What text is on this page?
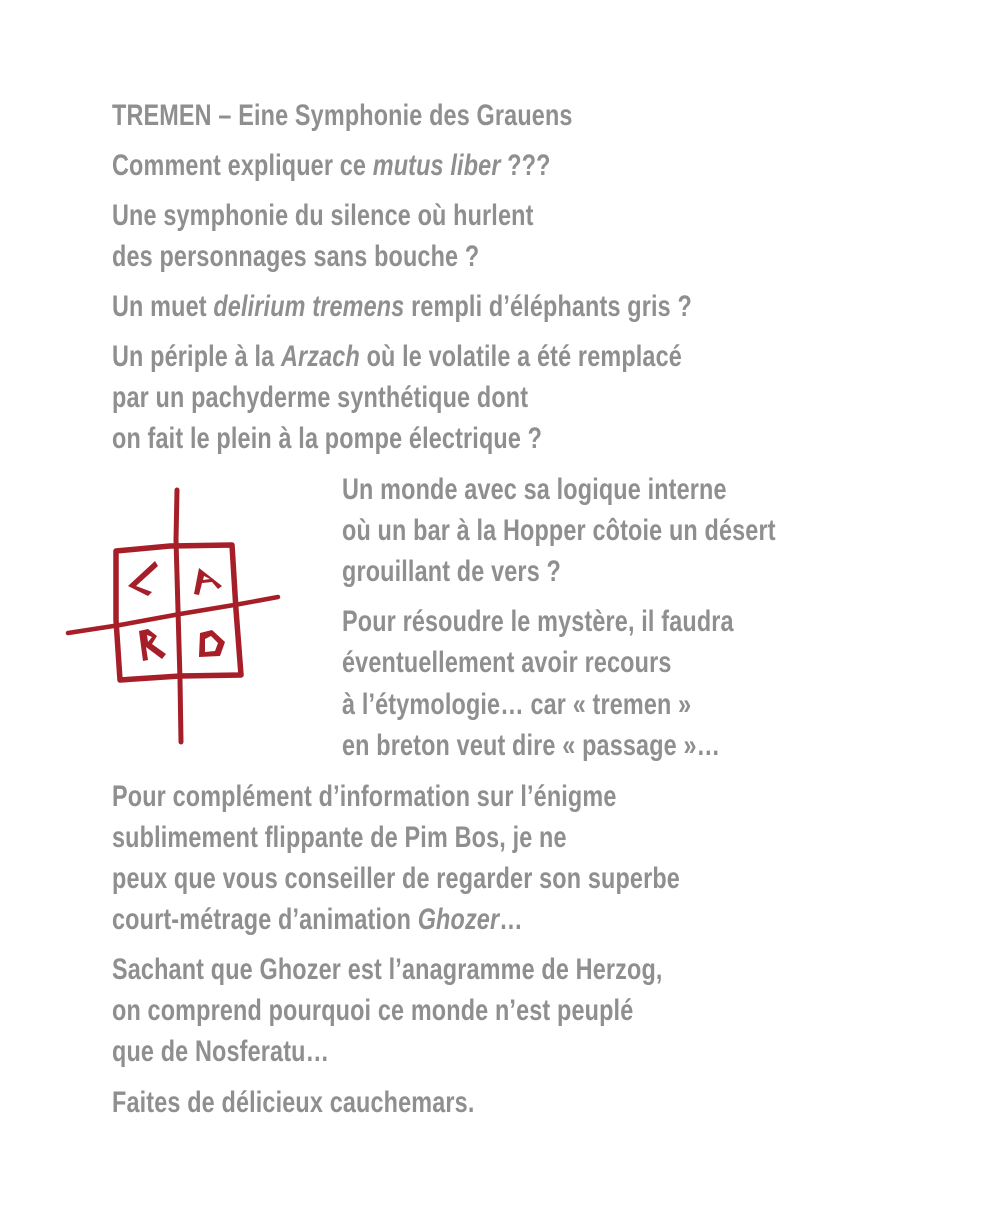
TREMEN – Eine Symphonie des Grauens
Comment expliquer ce mutus liber ???
Une symphonie du silence où hurlent
des personnages sans bouche ?
Un muet delirium tremens rempli d’éléphants gris ?
Un périple à la Arzach où le volatile a été remplacé
par un pachyderme synthétique dont
on fait le plein à la pompe électrique ?
Un monde avec sa logique interne
où un bar à la Hopper côtoie un désert
grouillant de vers ?
Pour résoudre le mystère, il faudra
éventuellement avoir recours
à l’étymologie… car « tremen »
en breton veut dire « passage »…
Pour complément d’information sur l’énigme
sublimement flippante de Pim Bos, je ne
peux que vous conseiller de regarder son superbe
court-métrage d’animation Ghozer…
Sachant que Ghozer est l’anagramme de Herzog,
on comprend pourquoi ce monde n’est peuplé
que de Nosferatu…
Faites de délicieux cauchemars.
